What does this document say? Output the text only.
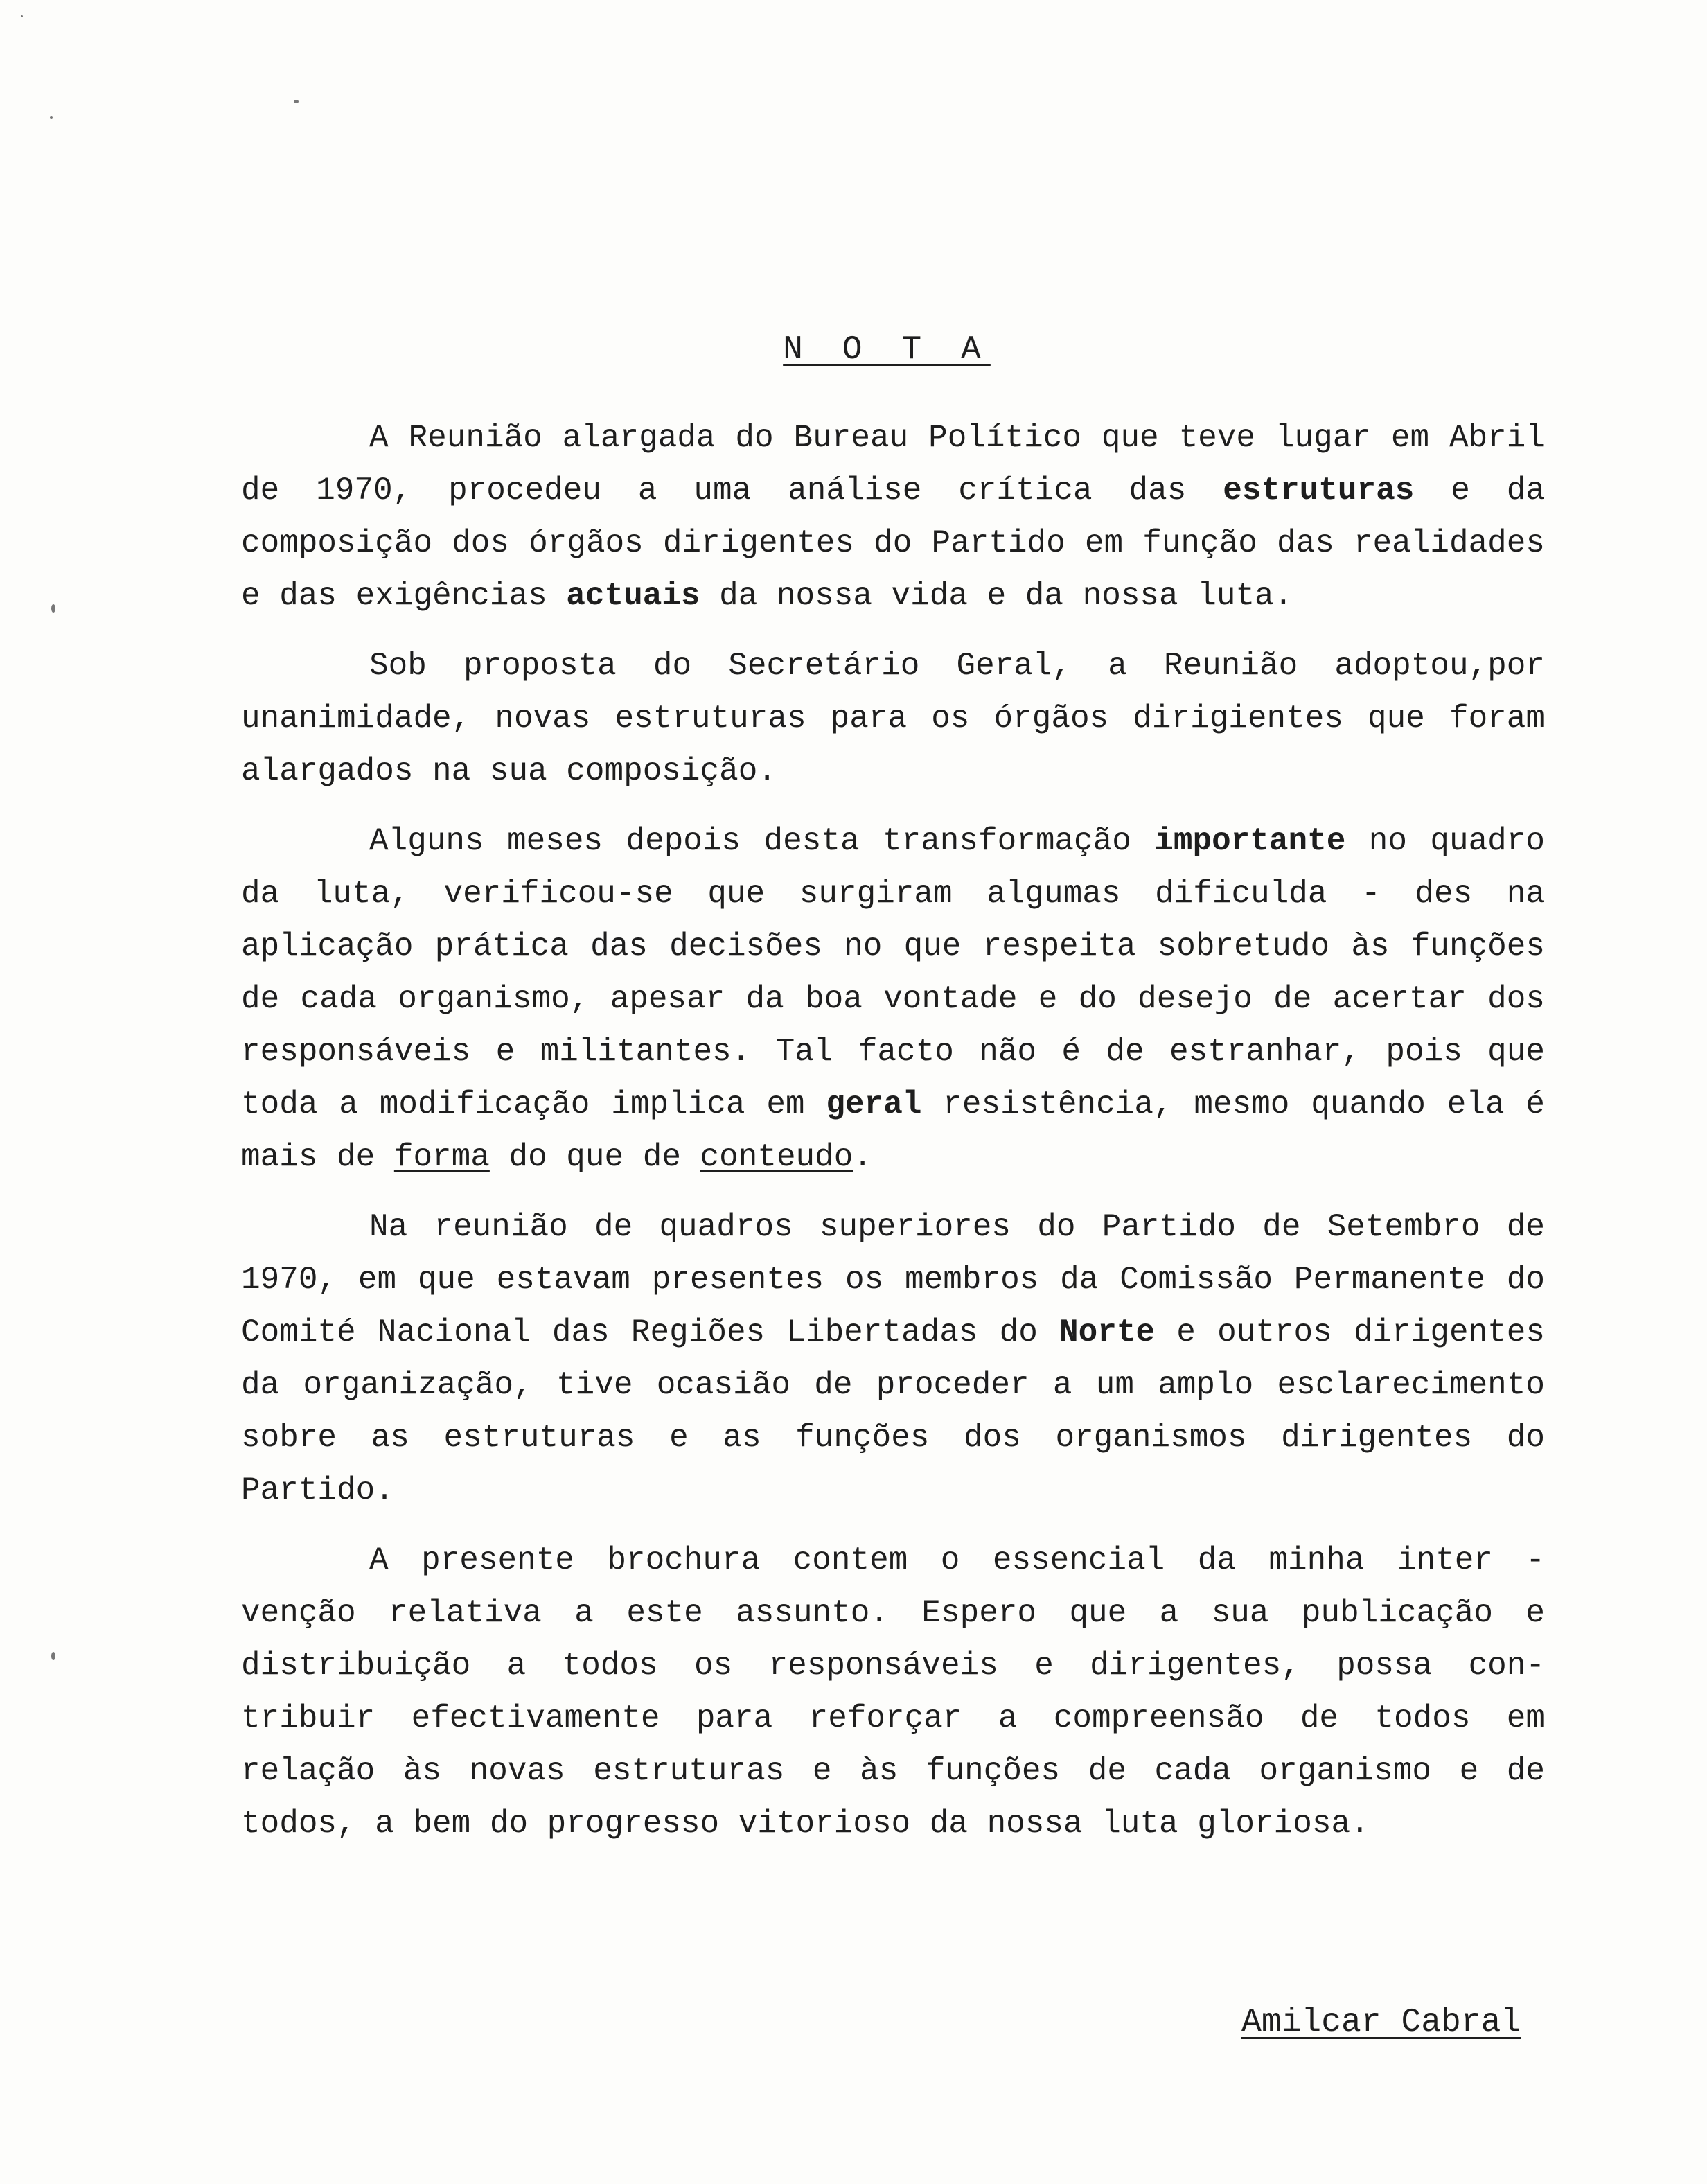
N O T A

A Reunião alargada do Bureau Político que teve lugar em Abril de 1970, procedeu a uma análise crítica das estruturas e da composição dos órgãos dirigentes do Partido em função das realidades e das exigências actuais da nossa vida e da nossa luta.

Sob proposta do Secretário Geral, a Reunião adoptou,por unanimidade, novas estruturas para os órgãos dirigientes que foram alargados na sua composição.

Alguns meses depois desta transformação importante no quadro da luta, verificou-se que surgiram algumas dificulda - des na aplicação prática das decisões no que respeita sobretudo às funções de cada organismo, apesar da boa vontade e do desejo de acertar dos responsáveis e militantes. Tal facto não é de estranhar, pois que toda a modificação implica em geral resistência, mesmo quando ela é mais de forma do que de conteudo.

Na reunião de quadros superiores do Partido de Setembro de 1970, em que estavam presentes os membros da Comissão Permanente do Comité Nacional das Regiões Libertadas do Norte e outros dirigentes da organização, tive ocasião de proceder a um amplo esclarecimento sobre as estruturas e as funções dos organismos dirigentes do Partido.

A presente brochura contem o essencial da minha inter - venção relativa a este assunto. Espero que a sua publicação e distribuição a todos os responsáveis e dirigentes, possa con- tribuir efectivamente para reforçar a compreensão de todos em relação às novas estruturas e às funções de cada organismo e de todos, a bem do progresso vitorioso da nossa luta gloriosa.

Amilcar Cabral
